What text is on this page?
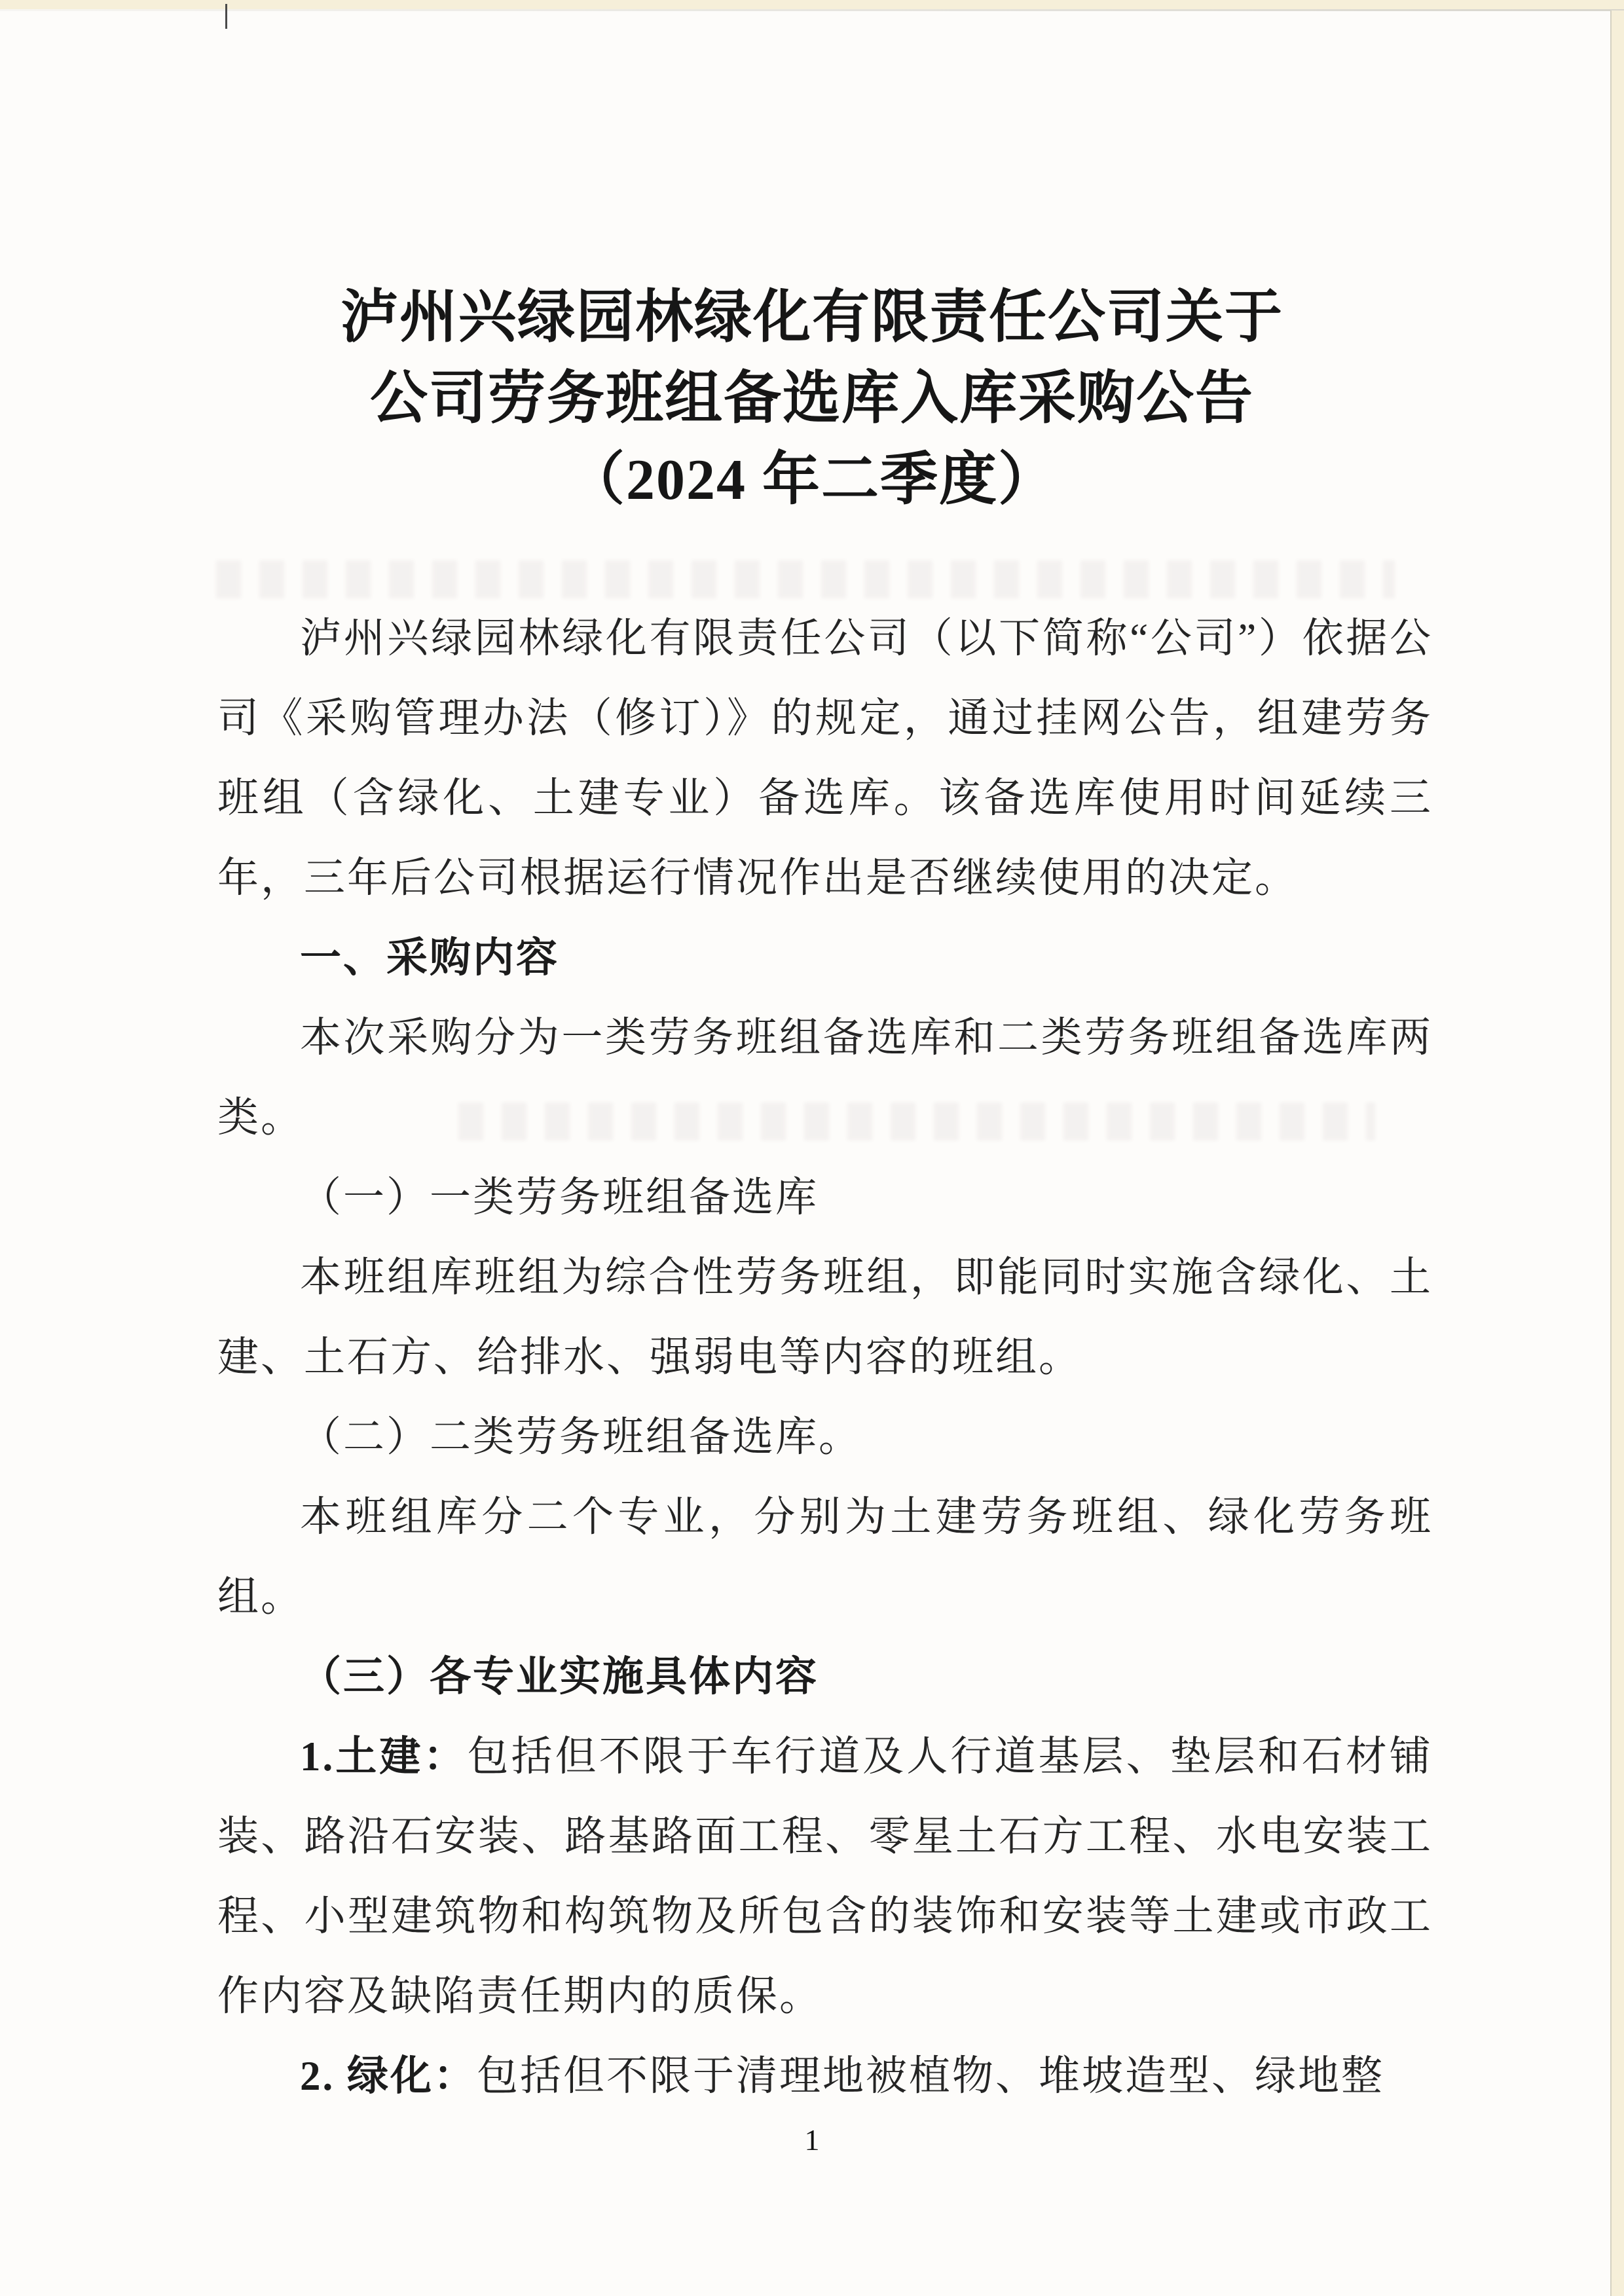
泸州兴绿园林绿化有限责任公司关于
公司劳务班组备选库入库采购公告
（2024 年二季度）

泸州兴绿园林绿化有限责任公司（以下简称“公司”）依据公司《采购管理办法（修订）》的规定，通过挂网公告，组建劳务班组（含绿化、土建专业）备选库。该备选库使用时间延续三年，三年后公司根据运行情况作出是否继续使用的决定。

一、采购内容

本次采购分为一类劳务班组备选库和二类劳务班组备选库两类。

（一）一类劳务班组备选库

本班组库班组为综合性劳务班组，即能同时实施含绿化、土建、土石方、给排水、强弱电等内容的班组。

（二）二类劳务班组备选库。

本班组库分二个专业，分别为土建劳务班组、绿化劳务班组。

（三）各专业实施具体内容

1.土建：包括但不限于车行道及人行道基层、垫层和石材铺装、路沿石安装、路基路面工程、零星土石方工程、水电安装工程、小型建筑物和构筑物及所包含的装饰和安装等土建或市政工作内容及缺陷责任期内的质保。

2. 绿化：包括但不限于清理地被植物、堆坡造型、绿地整

1
